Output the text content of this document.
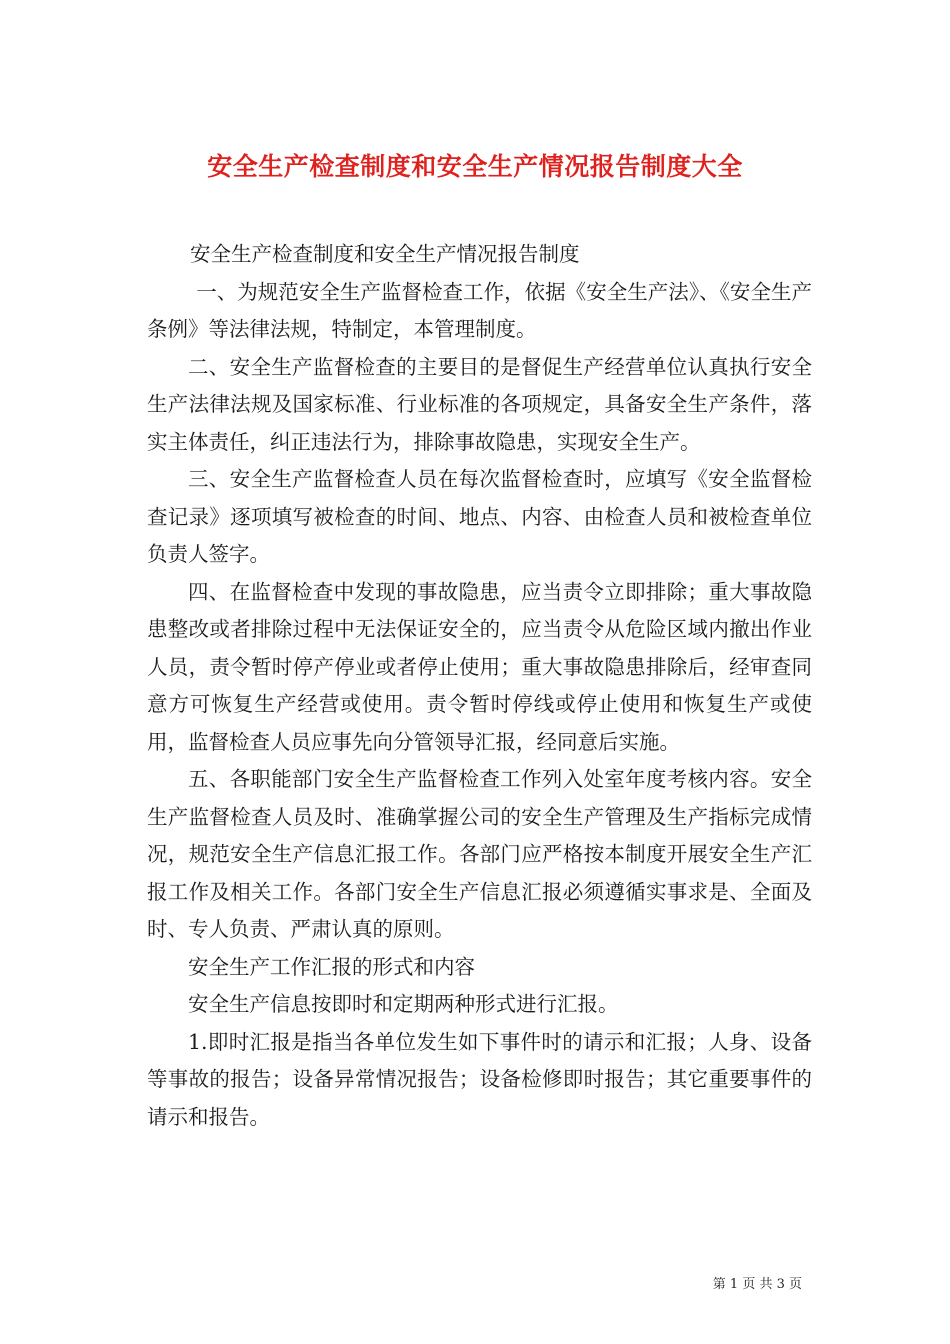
安全生产检查制度和安全生产情况报告制度大全

安全生产检查制度和安全生产情况报告制度

一、为规范安全生产监督检查工作，依据《安全生产法》、《安全生产条例》等法律法规，特制定，本管理制度。

二、安全生产监督检查的主要目的是督促生产经营单位认真执行安全生产法律法规及国家标准、行业标准的各项规定，具备安全生产条件，落实主体责任，纠正违法行为，排除事故隐患，实现安全生产。

三、安全生产监督检查人员在每次监督检查时，应填写《安全监督检查记录》逐项填写被检查的时间、地点、内容、由检查人员和被检查单位负责人签字。

四、在监督检查中发现的事故隐患，应当责令立即排除；重大事故隐患整改或者排除过程中无法保证安全的，应当责令从危险区域内撤出作业人员，责令暂时停产停业或者停止使用；重大事故隐患排除后，经审查同意方可恢复生产经营或使用。责令暂时停线或停止使用和恢复生产或使用，监督检查人员应事先向分管领导汇报，经同意后实施。

五、各职能部门安全生产监督检查工作列入处室年度考核内容。安全生产监督检查人员及时、准确掌握公司的安全生产管理及生产指标完成情况，规范安全生产信息汇报工作。各部门应严格按本制度开展安全生产汇报工作及相关工作。各部门安全生产信息汇报必须遵循实事求是、全面及时、专人负责、严肃认真的原则。

安全生产工作汇报的形式和内容

安全生产信息按即时和定期两种形式进行汇报。

1.即时汇报是指当各单位发生如下事件时的请示和汇报；人身、设备等事故的报告；设备异常情况报告；设备检修即时报告；其它重要事件的请示和报告。

第 1 页 共 3 页
